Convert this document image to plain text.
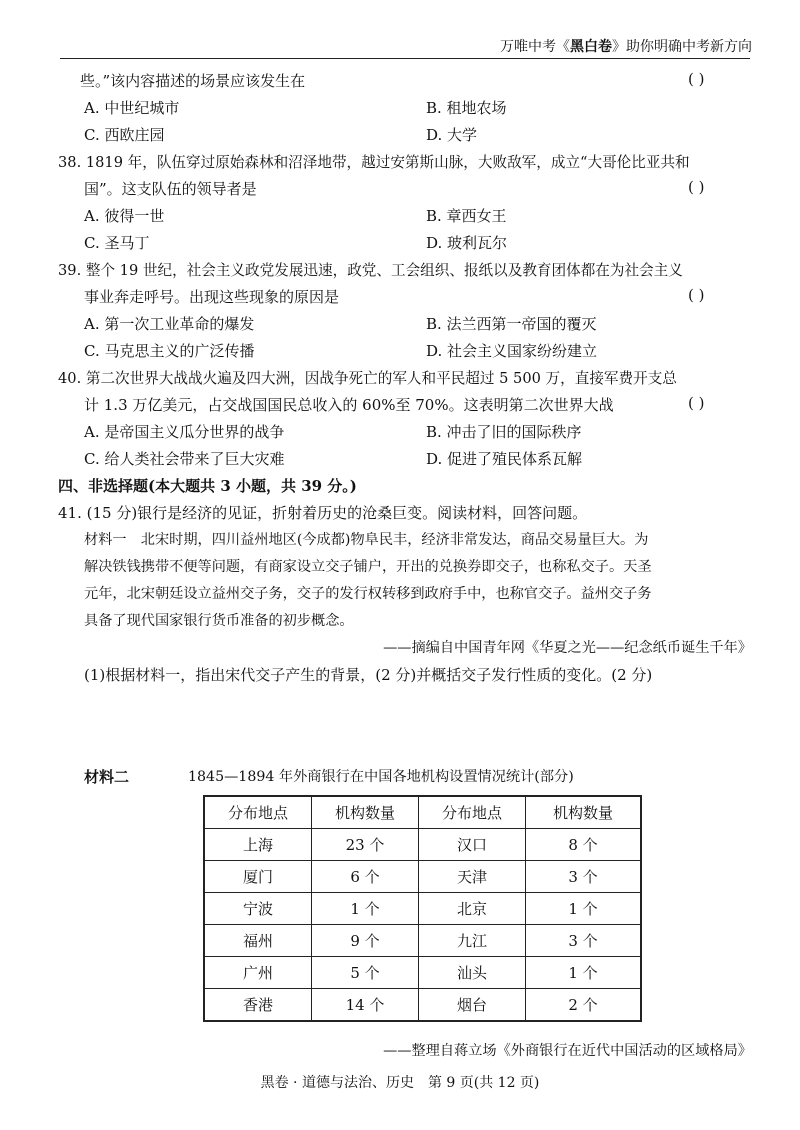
万唯中考《黑白卷》助你明确中考新方向
些。”该内容描述的场景应该发生在	( )
A. 中世纪城市	B. 租地农场
C. 西欧庄园	D. 大学
38. 1819 年，队伍穿过原始森林和沼泽地带，越过安第斯山脉，大败敌军，成立“大哥伦比亚共和
国”。这支队伍的领导者是	( )
A. 彼得一世	B. 章西女王
C. 圣马丁	D. 玻利瓦尔
39. 整个 19 世纪，社会主义政党发展迅速，政党、工会组织、报纸以及教育团体都在为社会主义
事业奔走呼号。出现这些现象的原因是	( )
A. 第一次工业革命的爆发	B. 法兰西第一帝国的覆灭
C. 马克思主义的广泛传播	D. 社会主义国家纷纷建立
40. 第二次世界大战战火遍及四大洲，因战争死亡的军人和平民超过 5 500 万，直接军费开支总
计 1.3 万亿美元，占交战国国民总收入的 60%至 70%。这表明第二次世界大战	( )
A. 是帝国主义瓜分世界的战争	B. 冲击了旧的国际秩序
C. 给人类社会带来了巨大灾难	D. 促进了殖民体系瓦解
四、非选择题(本大题共 3 小题，共 39 分。)
41. (15 分)银行是经济的见证，折射着历史的沧桑巨变。阅读材料，回答问题。
材料一　北宋时期，四川益州地区(今成都)物阜民丰，经济非常发达，商品交易量巨大。为
解决铁钱携带不便等问题，有商家设立交子铺户，开出的兑换券即交子，也称私交子。天圣
元年，北宋朝廷设立益州交子务，交子的发行权转移到政府手中，也称官交子。益州交子务
具备了现代国家银行货币准备的初步概念。
——摘编自中国青年网《华夏之光——纪念纸币诞生千年》
(1)根据材料一，指出宋代交子产生的背景，(2 分)并概括交子发行性质的变化。(2 分)
材料二	1845—1894 年外商银行在中国各地机构设置情况统计(部分)
分布地点	机构数量	分布地点	机构数量
上海	23 个	汉口	8 个
厦门	6 个	天津	3 个
宁波	1 个	北京	1 个
福州	9 个	九江	3 个
广州	5 个	汕头	1 个
香港	14 个	烟台	2 个
——整理自蒋立场《外商银行在近代中国活动的区域格局》
黑卷 · 道德与法治、历史　第 9 页(共 12 页)
